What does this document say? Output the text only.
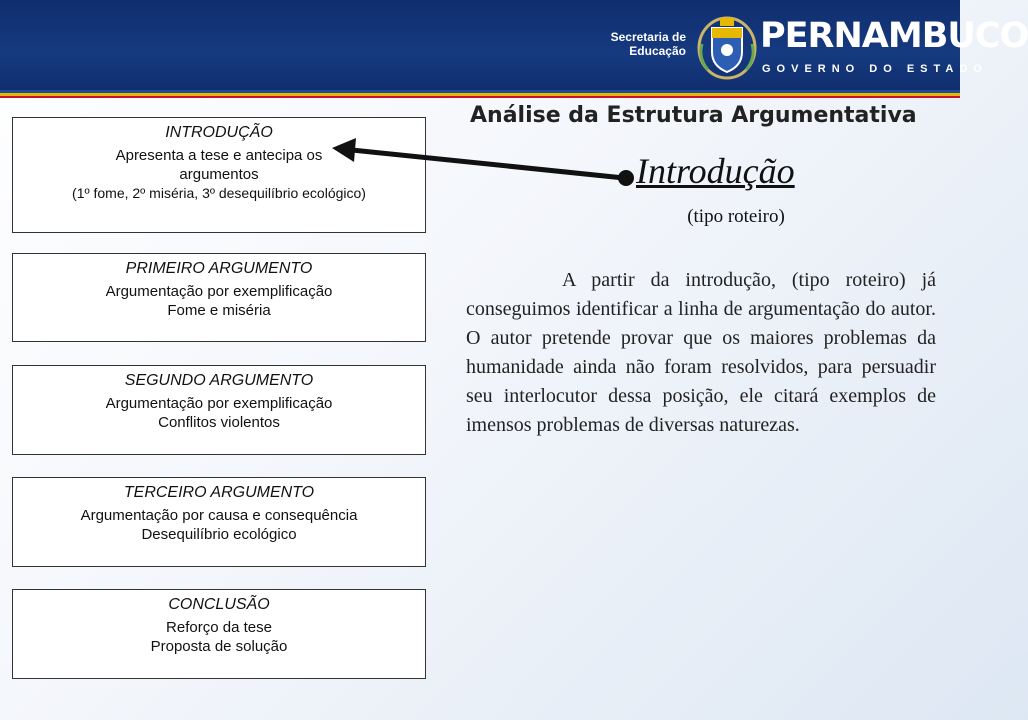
Secretaria de
Educação PERNAMBUCO
GOVERNO DO ESTADO
Análise da Estrutura Argumentativa
INTRODUÇÃO
Apresenta a tese e antecipa os
argumentos
(1º fome, 2º miséria, 3º desequilíbrio ecológico)
PRIMEIRO ARGUMENTO
Argumentação por exemplificação
Fome e miséria
SEGUNDO ARGUMENTO
Argumentação por exemplificação
Conflitos violentos
TERCEIRO ARGUMENTO
Argumentação por causa e consequência
Desequilíbrio ecológico
CONCLUSÃO
Reforço da tese
Proposta de solução
Introdução
(tipo roteiro)
A partir da introdução, (tipo roteiro) já conseguimos identificar a linha de argumentação do autor. O autor pretende provar que os maiores problemas da humanidade ainda não foram resolvidos, para persuadir seu interlocutor dessa posição, ele citará exemplos de imensos problemas de diversas naturezas.
